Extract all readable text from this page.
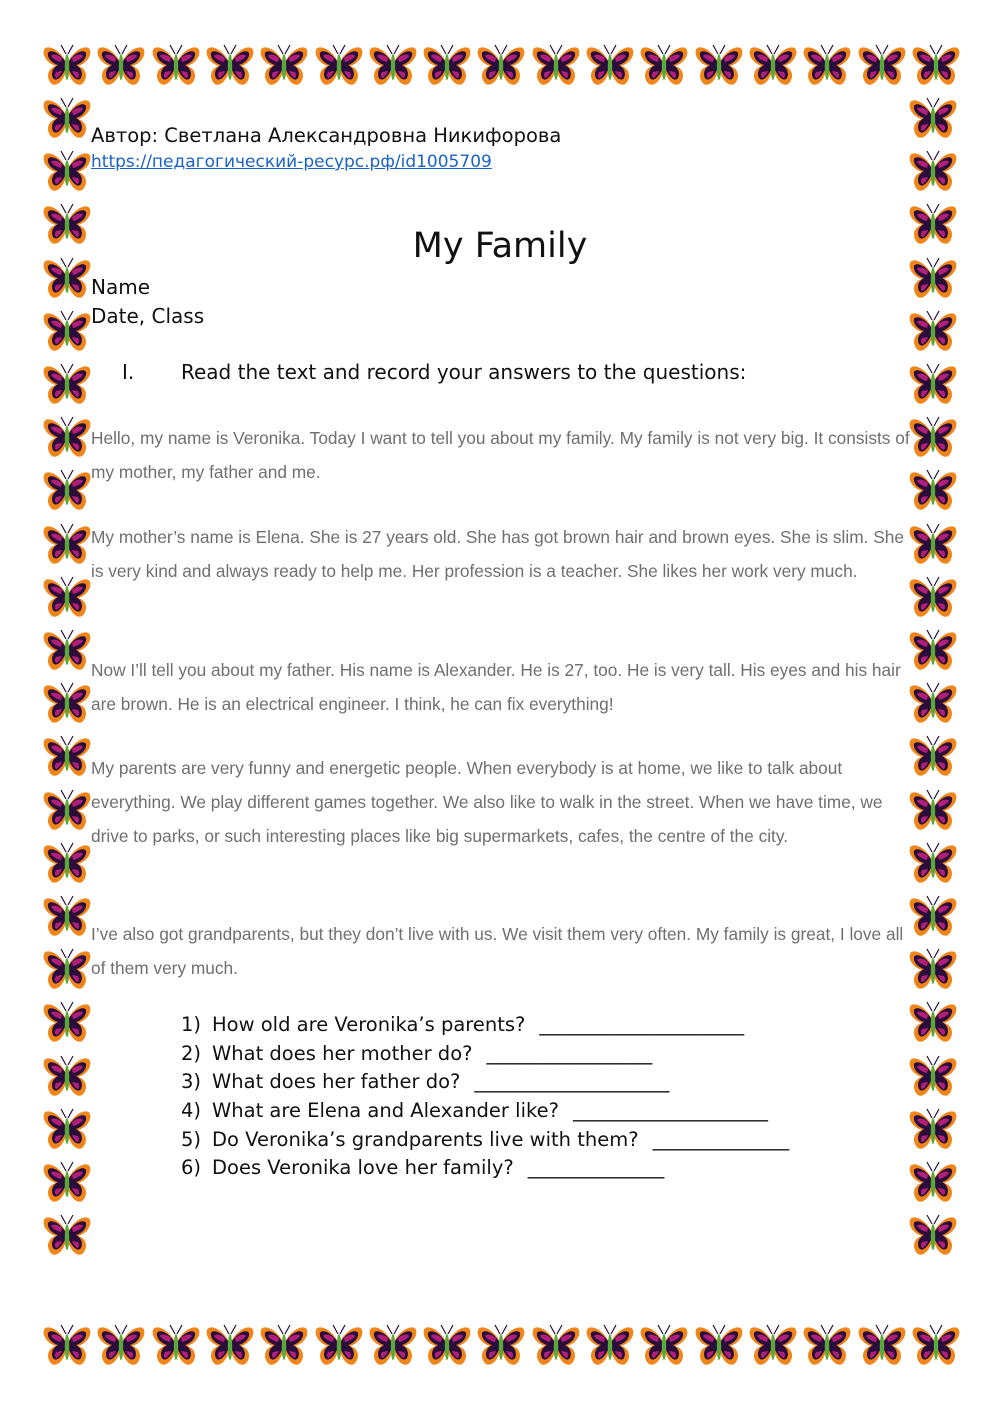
Автор: Светлана Александровна Никифорова
https://педагогический-ресурс.рф/id1005709
My Family
Name
Date, Class
I. Read the text and record your answers to the questions:

Hello, my name is Veronika. Today I want to tell you about my family. My family is not very big. It consists of my mother, my father and me.

My mother’s name is Elena. She is 27 years old. She has got brown hair and brown eyes. She is slim. She is very kind and always ready to help me. Her profession is a teacher. She likes her work very much.

Now I’ll tell you about my father. His name is Alexander. He is 27, too. He is very tall. His eyes and his hair are brown. He is an electrical engineer. I think, he can fix everything!

My parents are very funny and energetic people. When everybody is at home, we like to talk about everything. We play different games together. We also like to walk in the street. When we have time, we drive to parks, or such interesting places like big supermarkets, cafes, the centre of the city.

I’ve also got grandparents, but they don’t live with us. We visit them very often. My family is great, I love all of them very much.

1) How old are Veronika’s parents? _____________________
2) What does her mother do? _________________
3) What does her father do? ____________________
4) What are Elena and Alexander like? ____________________
5) Do Veronika’s grandparents live with them? ______________
6) Does Veronika love her family? ______________
